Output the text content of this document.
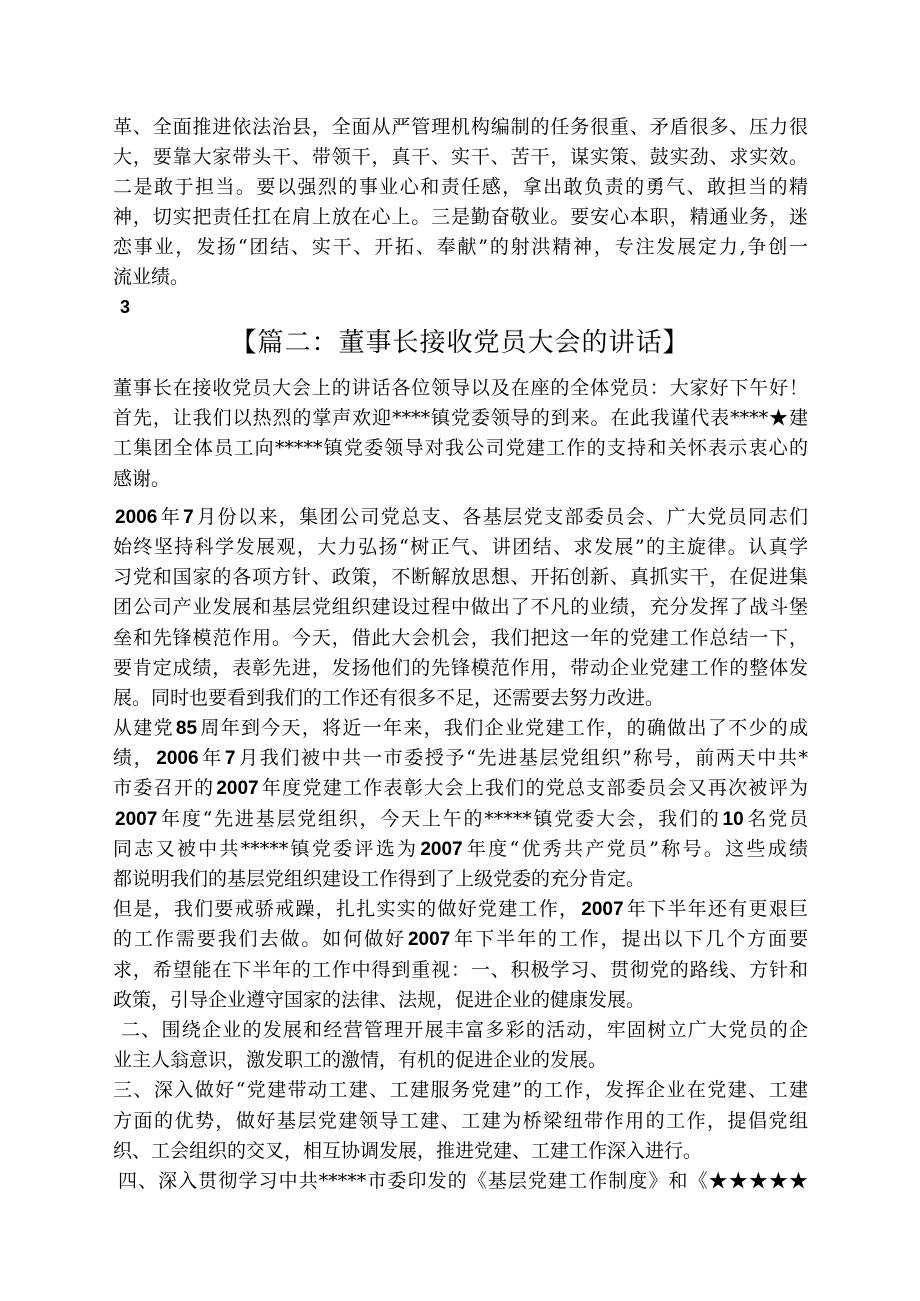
革、全面推进依法治县，全面从严管理机构编制的任务很重、矛盾很多、压力很
大，要靠大家带头干、带领干，真干、实干、苦干，谋实策、鼓实劲、求实效。
二是敢于担当。要以强烈的事业心和责任感，拿出敢负责的勇气、敢担当的精
神，切实把责任扛在肩上放在心上。三是勤奋敬业。要安心本职，精通业务，迷
恋事业，发扬“团结、实干、开拓、奉献”的射洪精神，专注发展定力,争创一
流业绩。
3
【篇二：董事长接收党员大会的讲话】
董事长在接收党员大会上的讲话各位领导以及在座的全体党员：大家好下午好！
首先，让我们以热烈的掌声欢迎****镇党委领导的到来。在此我谨代表****★建
工集团全体员工向*****镇党委领导对我公司党建工作的支持和关怀表示衷心的
感谢。
2006 年 7 月份以来，集团公司党总支、各基层党支部委员会、广大党员同志们
始终坚持科学发展观，大力弘扬“树正气、讲团结、求发展”的主旋律。认真学
习党和国家的各项方针、政策，不断解放思想、开拓创新、真抓实干，在促进集
团公司产业发展和基层党组织建设过程中做出了不凡的业绩，充分发挥了战斗堡
垒和先锋模范作用。今天，借此大会机会，我们把这一年的党建工作总结一下，
要肯定成绩，表彰先进，发扬他们的先锋模范作用，带动企业党建工作的整体发
展。同时也要看到我们的工作还有很多不足，还需要去努力改进。
从建党 85 周年到今天，将近一年来，我们企业党建工作，的确做出了不少的成
绩， 2006 年 7 月我们被中共一市委授予“先进基层党组织”称号，前两天中共*
市委召开的 2007 年度党建工作表彰大会上我们的党总支部委员会又再次被评为
2007 年度“先进基层党组织，今天上午的*****镇党委大会，我们的 10 名党员
同志又被中共*****镇党委评选为 2007 年度“优秀共产党员”称号。这些成绩
都说明我们的基层党组织建设工作得到了上级党委的充分肯定。
但是，我们要戒骄戒躁，扎扎实实的做好党建工作， 2007 年下半年还有更艰巨
的工作需要我们去做。如何做好 2007 年下半年的工作，提出以下几个方面要
求，希望能在下半年的工作中得到重视：一、积极学习、贯彻党的路线、方针和
政策，引导企业遵守国家的法律、法规，促进企业的健康发展。
二、围绕企业的发展和经营管理开展丰富多彩的活动，牢固树立广大党员的企
业主人翁意识，激发职工的激情，有机的促进企业的发展。
三、深入做好“党建带动工建、工建服务党建”的工作，发挥企业在党建、工建
方面的优势，做好基层党建领导工建、工建为桥梁纽带作用的工作，提倡党组
织、工会组织的交叉，相互协调发展，推进党建、工建工作深入进行。
四、深入贯彻学习中共*****市委印发的《基层党建工作制度》和《★★★★★
